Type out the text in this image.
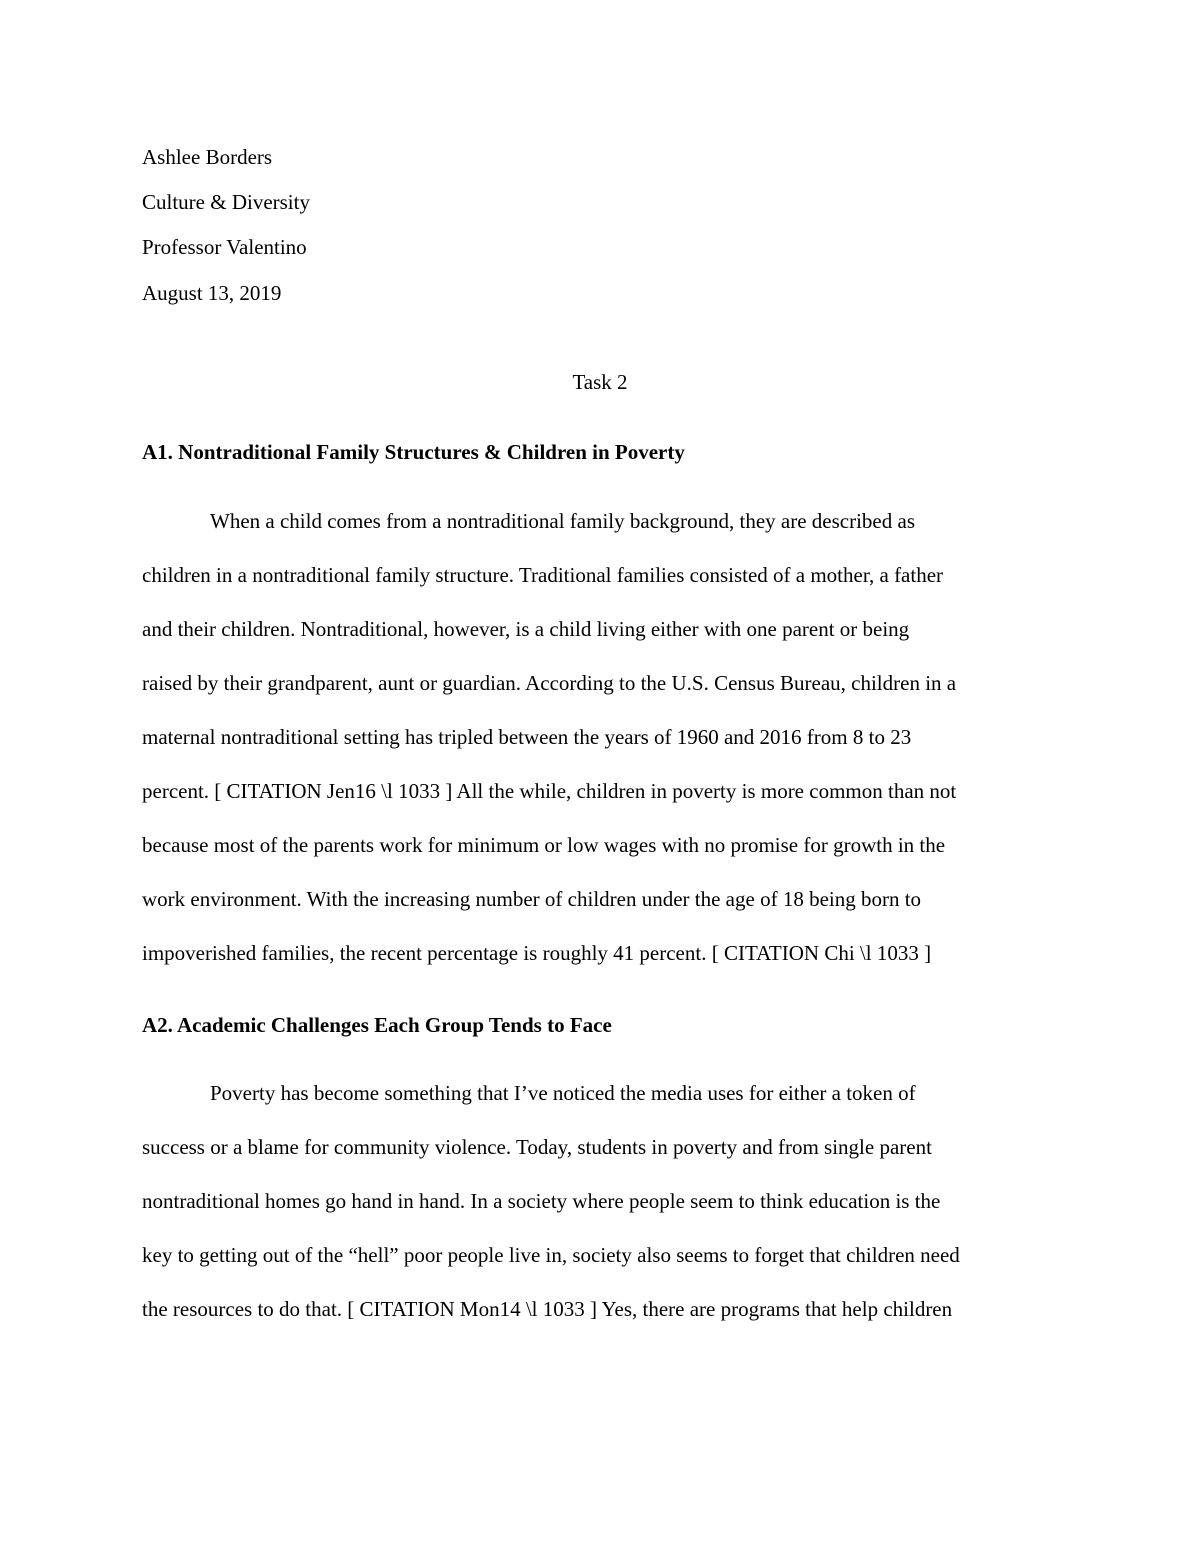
Ashlee Borders
Culture & Diversity
Professor Valentino
August 13, 2019
Task 2
A1. Nontraditional Family Structures & Children in Poverty
When a child comes from a nontraditional family background, they are described as
children in a nontraditional family structure. Traditional families consisted of a mother, a father
and their children. Nontraditional, however, is a child living either with one parent or being
raised by their grandparent, aunt or guardian. According to the U.S. Census Bureau, children in a
maternal nontraditional setting has tripled between the years of 1960 and 2016 from 8 to 23
percent. [ CITATION Jen16 \l 1033 ] All the while, children in poverty is more common than not
because most of the parents work for minimum or low wages with no promise for growth in the
work environment. With the increasing number of children under the age of 18 being born to
impoverished families, the recent percentage is roughly 41 percent. [ CITATION Chi \l 1033 ]
A2. Academic Challenges Each Group Tends to Face
Poverty has become something that I’ve noticed the media uses for either a token of
success or a blame for community violence. Today, students in poverty and from single parent
nontraditional homes go hand in hand. In a society where people seem to think education is the
key to getting out of the “hell” poor people live in, society also seems to forget that children need
the resources to do that. [ CITATION Mon14 \l 1033 ] Yes, there are programs that help children
